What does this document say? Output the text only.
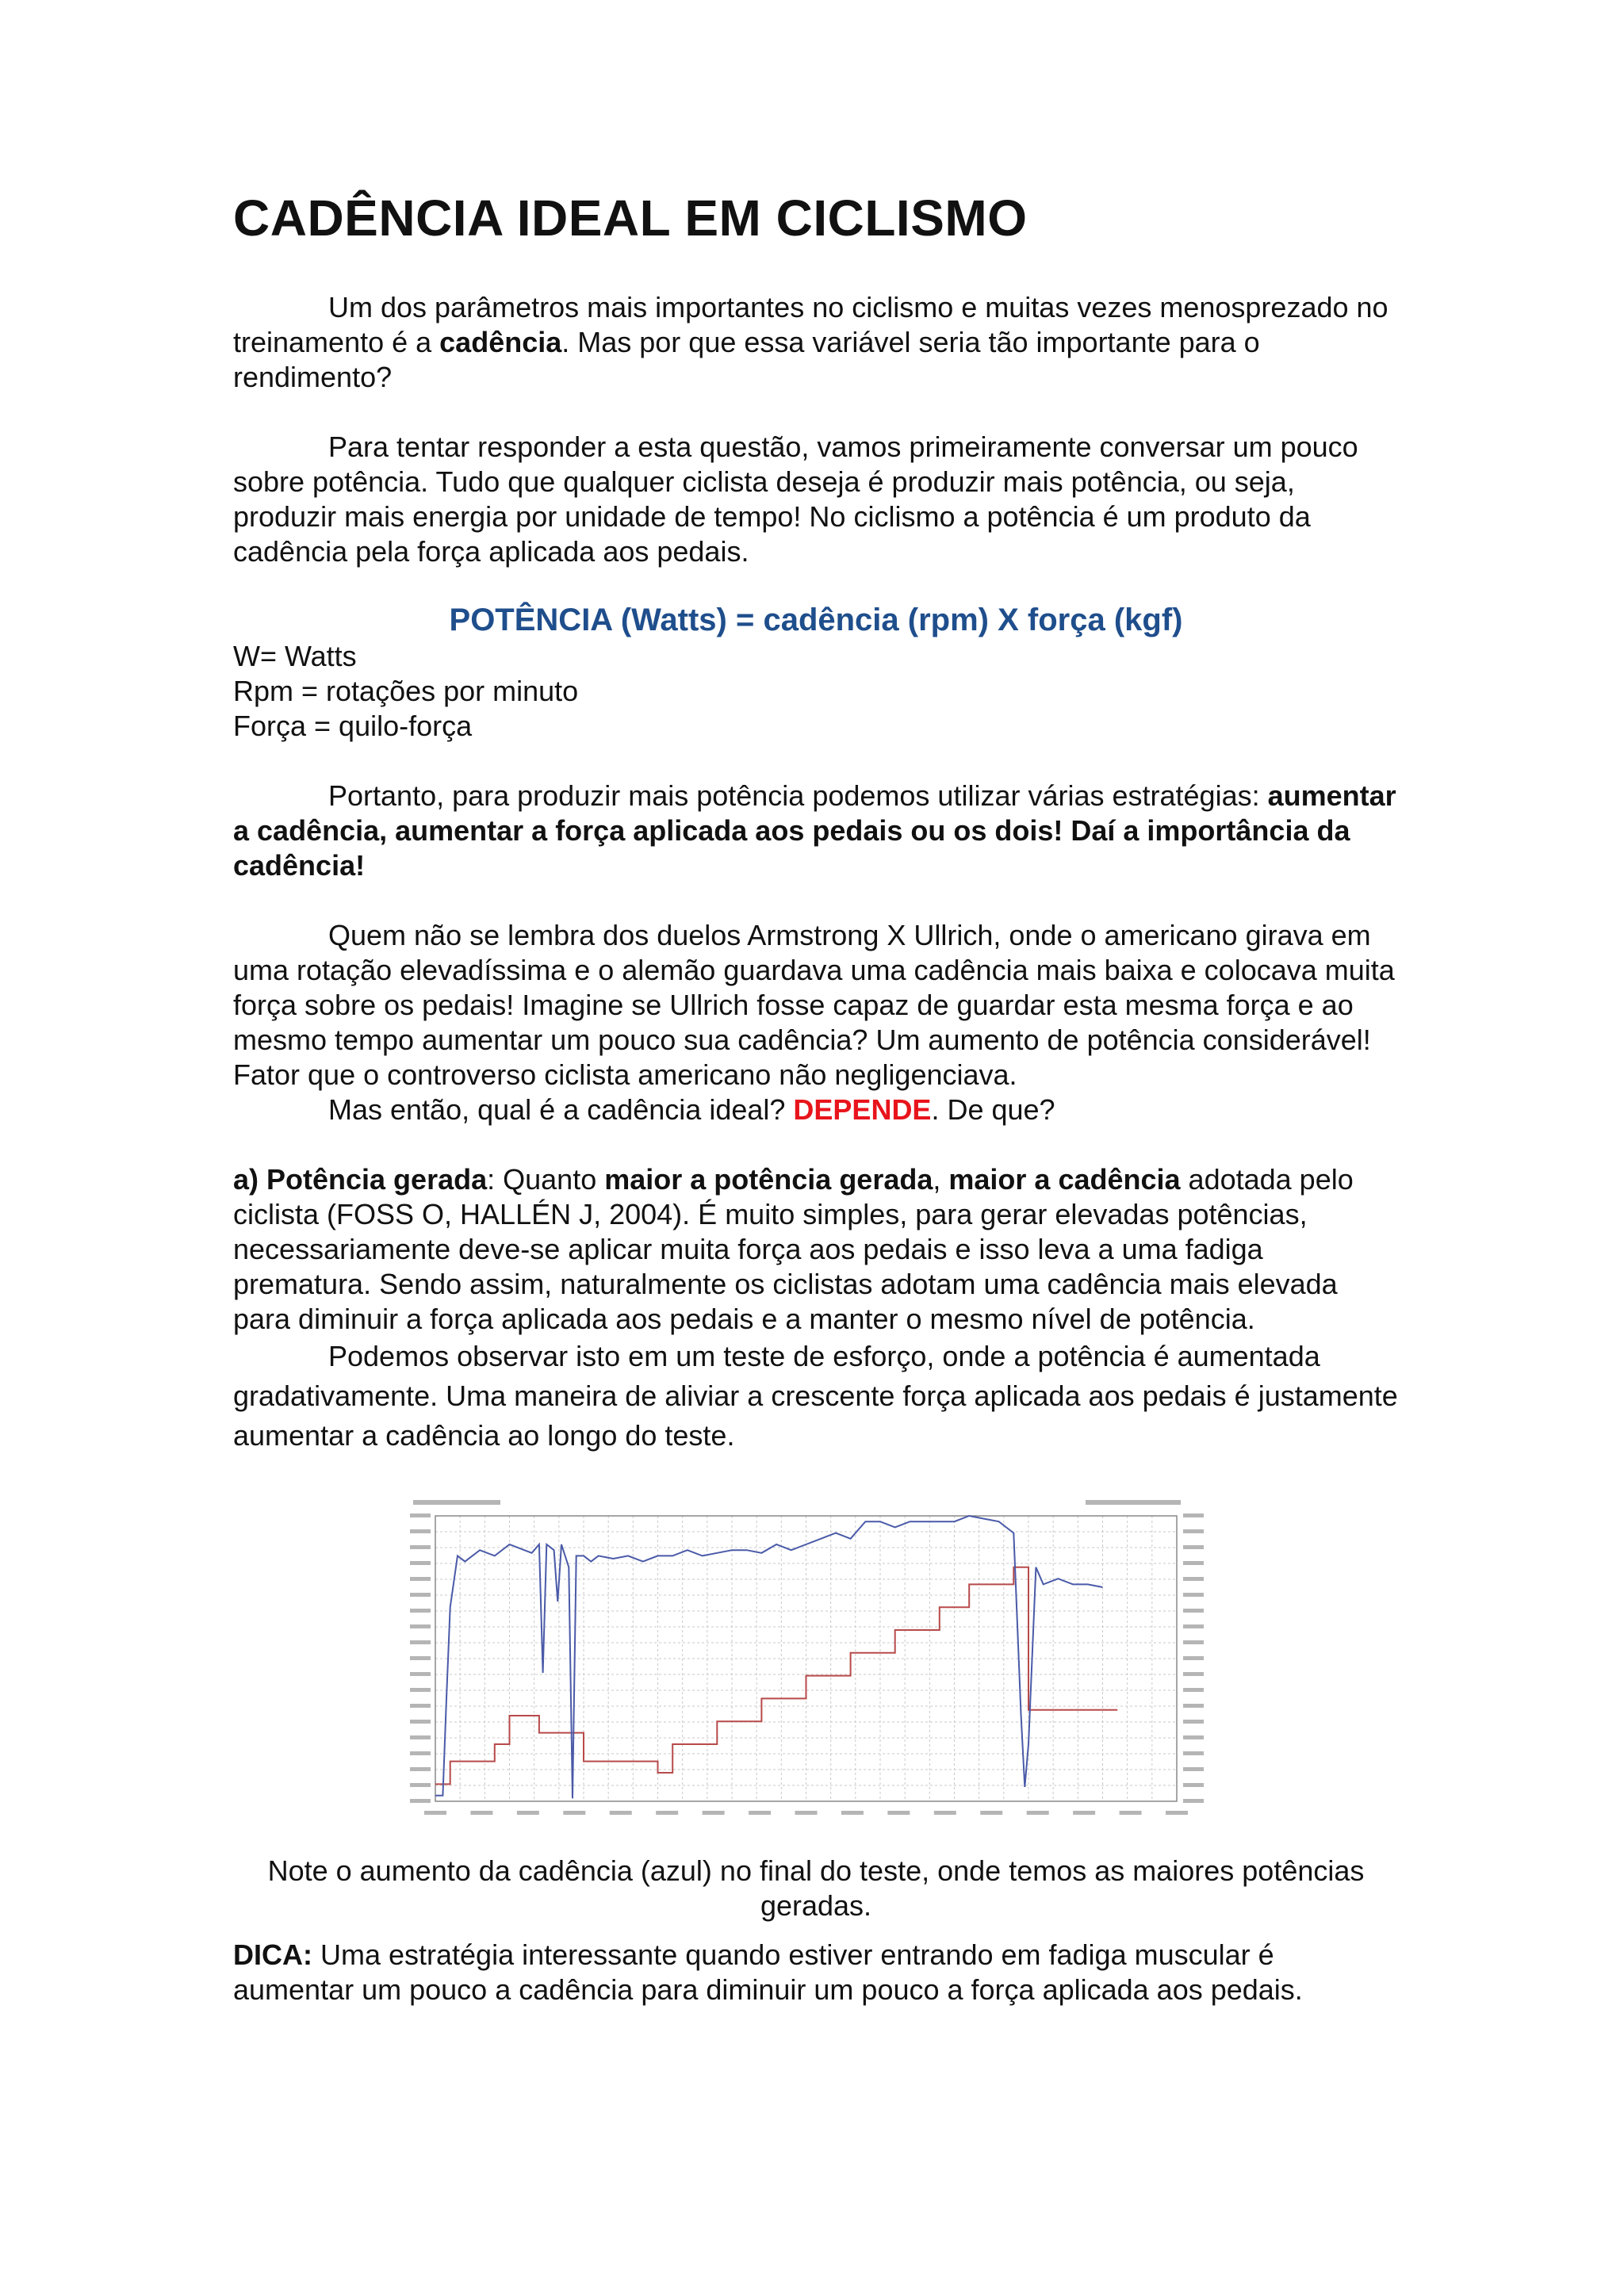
CADÊNCIA IDEAL EM CICLISMO

Um dos parâmetros mais importantes no ciclismo e muitas vezes menosprezado no treinamento é a cadência. Mas por que essa variável seria tão importante para o rendimento?

Para tentar responder a esta questão, vamos primeiramente conversar um pouco sobre potência. Tudo que qualquer ciclista deseja é produzir mais potência, ou seja, produzir mais energia por unidade de tempo! No ciclismo a potência é um produto da cadência pela força aplicada aos pedais.

POTÊNCIA (Watts) = cadência (rpm) X força (kgf)

W= Watts

Rpm = rotações por minuto

Força = quilo-força

Portanto, para produzir mais potência podemos utilizar várias estratégias: aumentar a cadência, aumentar a força aplicada aos pedais ou os dois! Daí a importância da cadência!

Quem não se lembra dos duelos Armstrong X Ullrich, onde o americano girava em uma rotação elevadíssima e o alemão guardava uma cadência mais baixa e colocava muita força sobre os pedais! Imagine se Ullrich fosse capaz de guardar esta mesma força e ao mesmo tempo aumentar um pouco sua cadência? Um aumento de potência considerável! Fator que o controverso ciclista americano não negligenciava.

Mas então, qual é a cadência ideal? DEPENDE. De que?

a) Potência gerada: Quanto maior a potência gerada, maior a cadência adotada pelo ciclista (FOSS O, HALLÉN J, 2004). É muito simples, para gerar elevadas potências, necessariamente deve-se aplicar muita força aos pedais e isso leva a uma fadiga prematura. Sendo assim, naturalmente os ciclistas adotam uma cadência mais elevada para diminuir a força aplicada aos pedais e a manter o mesmo nível de potência.

Podemos observar isto em um teste de esforço, onde a potência é aumentada gradativamente. Uma maneira de aliviar a crescente força aplicada aos pedais é justamente aumentar a cadência ao longo do teste.

Note o aumento da cadência (azul) no final do teste, onde temos as maiores potências geradas.

DICA: Uma estratégia interessante quando estiver entrando em fadiga muscular é aumentar um pouco a cadência para diminuir um pouco a força aplicada aos pedais.
